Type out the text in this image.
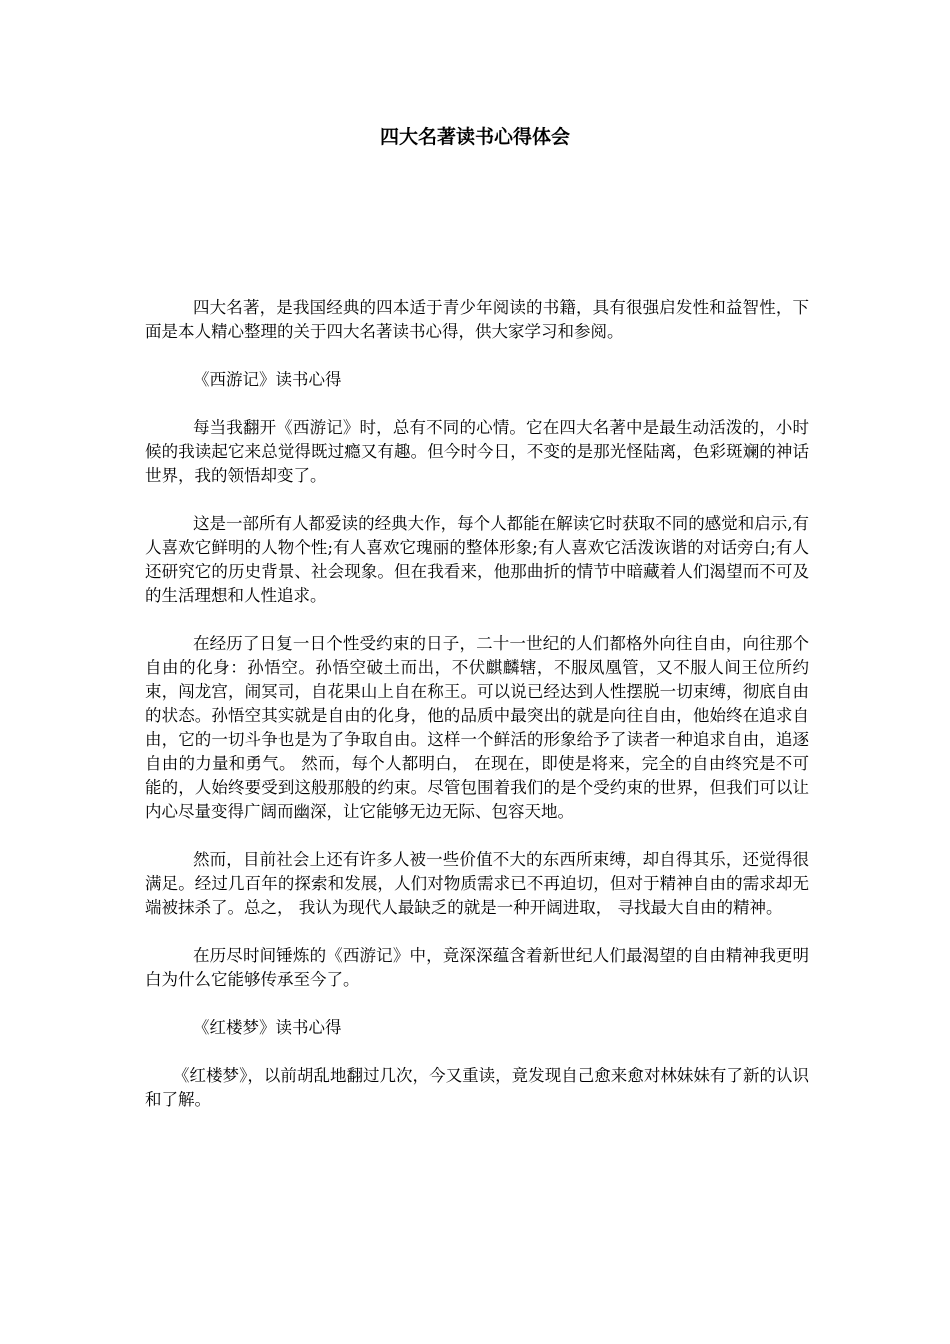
四大名著读书心得体会

四大名著，是我国经典的四本适于青少年阅读的书籍，具有很强启发性和益智性，下面是本人精心整理的关于四大名著读书心得，供大家学习和参阅。

《西游记》读书心得

每当我翻开《西游记》时，总有不同的心情。它在四大名著中是最生动活泼的，小时候的我读起它来总觉得既过瘾又有趣。但今时今日，不变的是那光怪陆离，色彩斑斓的神话世界，我的领悟却变了。

这是一部所有人都爱读的经典大作，每个人都能在解读它时获取不同的感觉和启示,有人喜欢它鲜明的人物个性;有人喜欢它瑰丽的整体形象;有人喜欢它活泼诙谐的对话旁白;有人还研究它的历史背景、社会现象。但在我看来，他那曲折的情节中暗藏着人们渴望而不可及的生活理想和人性追求。

在经历了日复一日个性受约束的日子，二十一世纪的人们都格外向往自由，向往那个自由的化身：孙悟空。孙悟空破土而出，不伏麒麟辖，不服凤凰管，又不服人间王位所约束，闯龙宫，闹冥司，自花果山上自在称王。可以说已经达到人性摆脱一切束缚，彻底自由的状态。孙悟空其实就是自由的化身，他的品质中最突出的就是向往自由，他始终在追求自由，它的一切斗争也是为了争取自由。这样一个鲜活的形象给予了读者一种追求自由，追逐自由的力量和勇气。 然而，每个人都明白， 在现在，即使是将来，完全的自由终究是不可能的，人始终要受到这般那般的约束。尽管包围着我们的是个受约束的世界，但我们可以让内心尽量变得广阔而幽深，让它能够无边无际、包容天地。

然而，目前社会上还有许多人被一些价值不大的东西所束缚，却自得其乐，还觉得很满足。经过几百年的探索和发展，人们对物质需求已不再迫切，但对于精神自由的需求却无端被抹杀了。总之， 我认为现代人最缺乏的就是一种开阔进取， 寻找最大自由的精神。

在历尽时间锤炼的《西游记》中，竟深深蕴含着新世纪人们最渴望的自由精神我更明白为什么它能够传承至今了。

《红楼梦》读书心得

《红楼梦》，以前胡乱地翻过几次，今又重读，竟发现自己愈来愈对林妹妹有了新的认识和了解。
